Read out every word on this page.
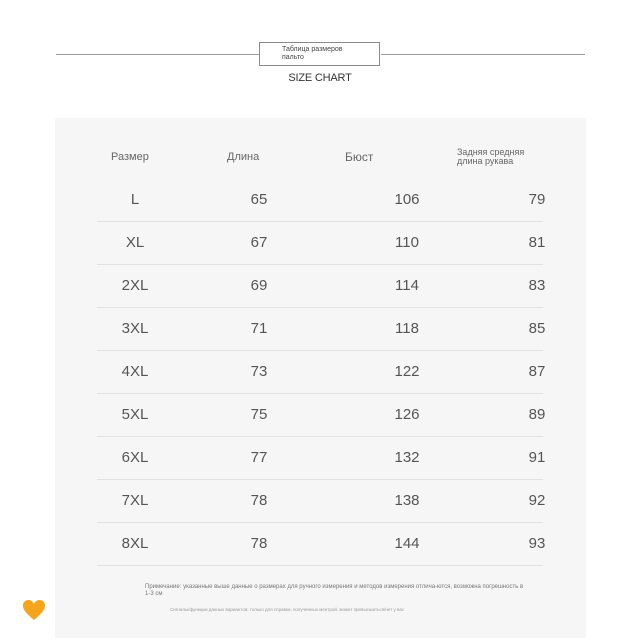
Таблица размеров
пальто
SIZE CHART
Размер	Длина	Бюст	Задняя средняя
длина рукава
L	65	106	79
XL	67	110	81
2XL	69	114	83
3XL	71	118	85
4XL	73	122	87
5XL	75	126	89
6XL	77	132	91
7XL	78	138	92
8XL	78	144	93
Примечание: указанные выше данные о размерах для ручного измерения и методов измерения отлича-ются, возможна погрешность в 1-3 см
Сигналы/функции данных вариантов: только для справки, полученных ментрой, может превысшиться/нет у вас
